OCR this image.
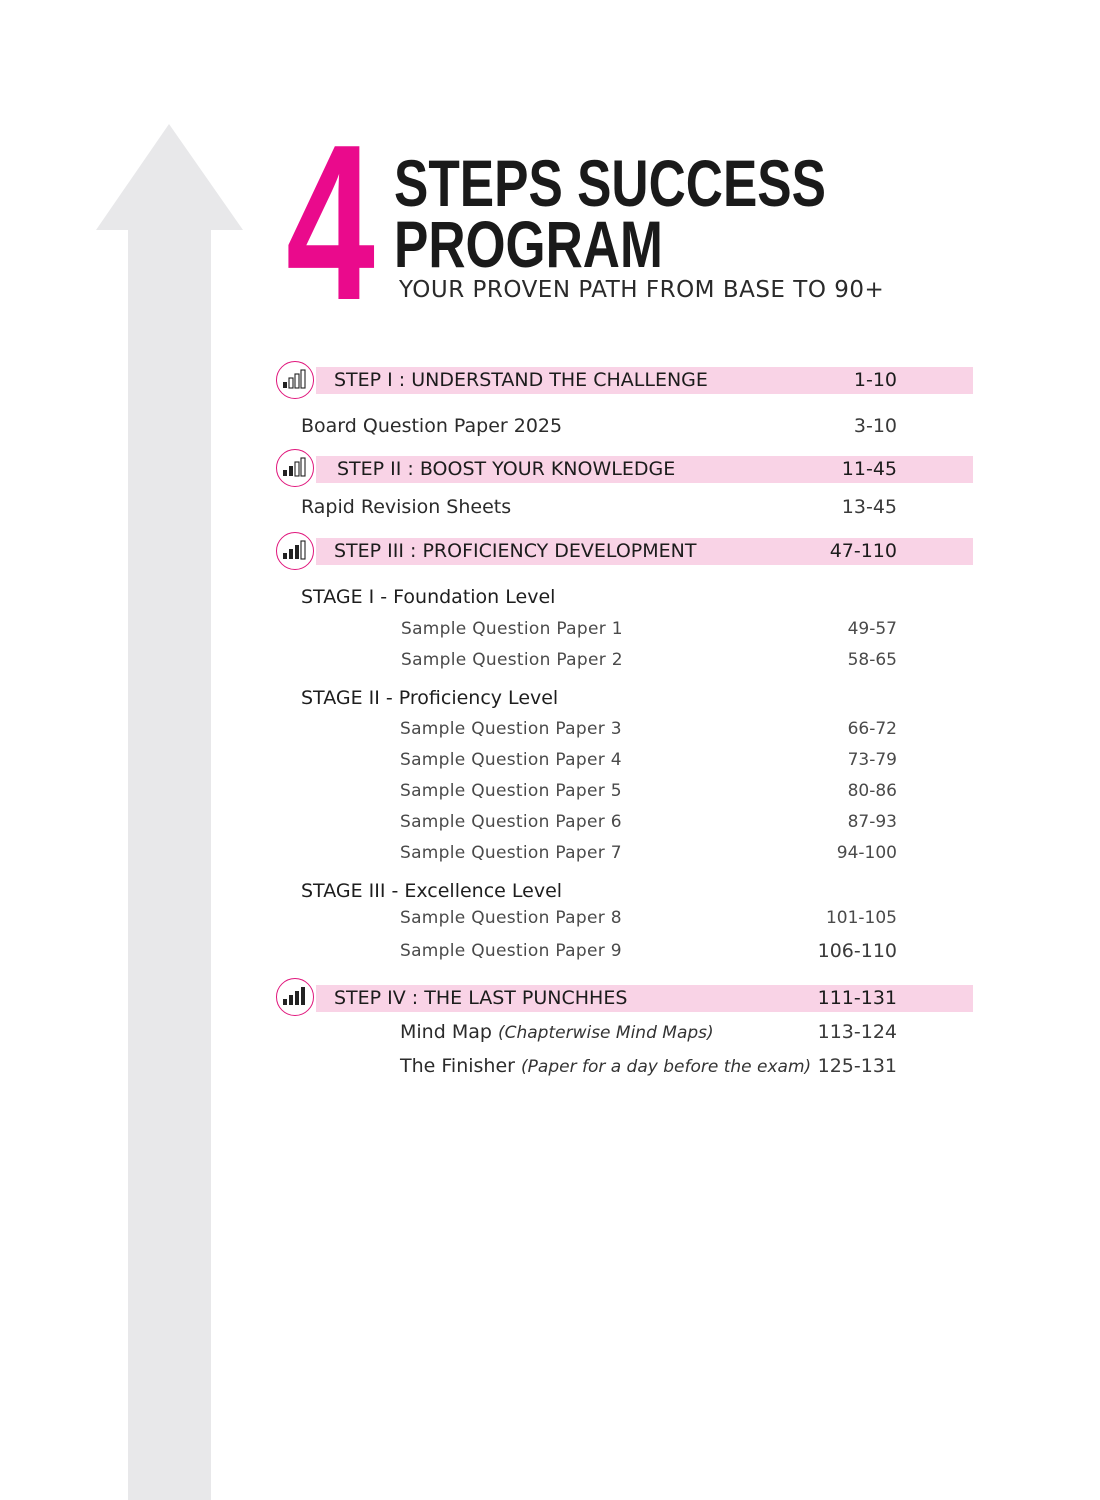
4 STEPS SUCCESS
PROGRAM
YOUR PROVEN PATH FROM BASE TO 90+
STEP I : UNDERSTAND THE CHALLENGE	1-10
Board Question Paper 2025	3-10
STEP II : BOOST YOUR KNOWLEDGE	11-45
Rapid Revision Sheets	13-45
STEP III : PROFICIENCY DEVELOPMENT	47-110
STAGE I - Foundation Level
Sample Question Paper 1	49-57
Sample Question Paper 2	58-65
STAGE II - Proficiency Level
Sample Question Paper 3	66-72
Sample Question Paper 4	73-79
Sample Question Paper 5	80-86
Sample Question Paper 6	87-93
Sample Question Paper 7	94-100
STAGE III - Excellence Level
Sample Question Paper 8	101-105
Sample Question Paper 9	106-110
STEP IV : THE LAST PUNCHHES	111-131
Mind Map (Chapterwise Mind Maps)	113-124
The Finisher (Paper for a day before the exam) 125-131
